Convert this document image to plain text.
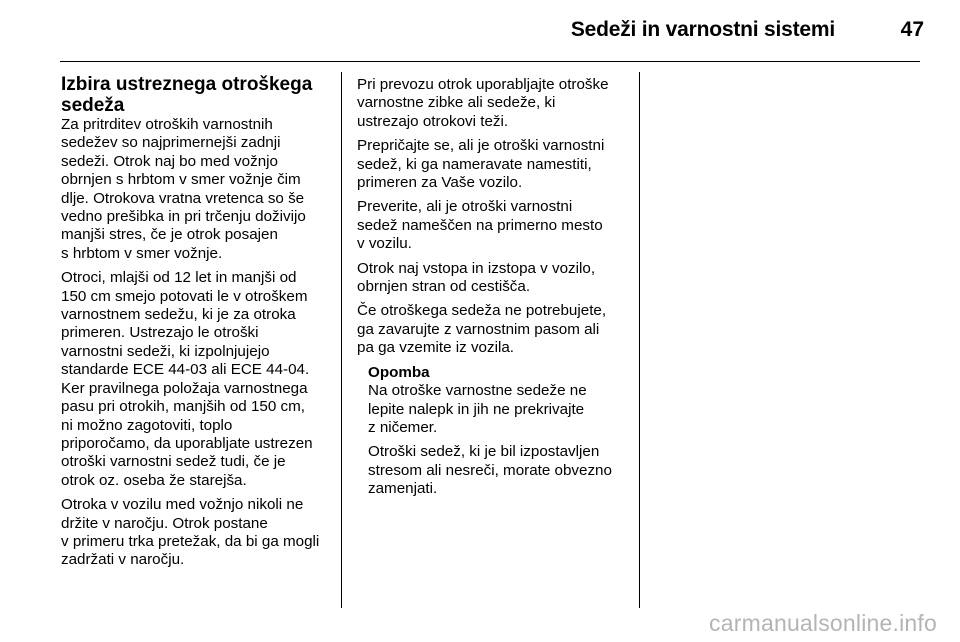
Sedeži in varnostni sistemi	47
Izbira ustreznega otroškega
sedeža

Za pritrditev otroških varnostnih
sedežev so najprimernejši zadnji
sedeži. Otrok naj bo med vožnjo
obrnjen s hrbtom v smer vožnje čim
dlje. Otrokova vratna vretenca so še
vedno prešibka in pri trčenju doživijo
manjši stres, če je otrok posajen
s hrbtom v smer vožnje.

Otroci, mlajši od 12 let in manjši od
150 cm smejo potovati le v otroškem
varnostnem sedežu, ki je za otroka
primeren. Ustrezajo le otroški
varnostni sedeži, ki izpolnjujejo
standarde ECE 44-03 ali ECE 44-04.
Ker pravilnega položaja varnostnega
pasu pri otrokih, manjših od 150 cm,
ni možno zagotoviti, toplo
priporočamo, da uporabljate ustrezen
otroški varnostni sedež tudi, če je
otrok oz. oseba že starejša.

Otroka v vozilu med vožnjo nikoli ne
držite v naročju. Otrok postane
v primeru trka pretežak, da bi ga mogli
zadržati v naročju.

Pri prevozu otrok uporabljajte otroške
varnostne zibke ali sedeže, ki
ustrezajo otrokovi teži.

Prepričajte se, ali je otroški varnostni
sedež, ki ga nameravate namestiti,
primeren za Vaše vozilo.

Preverite, ali je otroški varnostni
sedež nameščen na primerno mesto
v vozilu.

Otrok naj vstopa in izstopa v vozilo,
obrnjen stran od cestišča.

Če otroškega sedeža ne potrebujete,
ga zavarujte z varnostnim pasom ali
pa ga vzemite iz vozila.

Opomba

Na otroške varnostne sedeže ne
lepite nalepk in jih ne prekrivajte
z ničemer.

Otroški sedež, ki je bil izpostavljen
stresom ali nesreči, morate obvezno
zamenjati.

carmanualsonline.info
